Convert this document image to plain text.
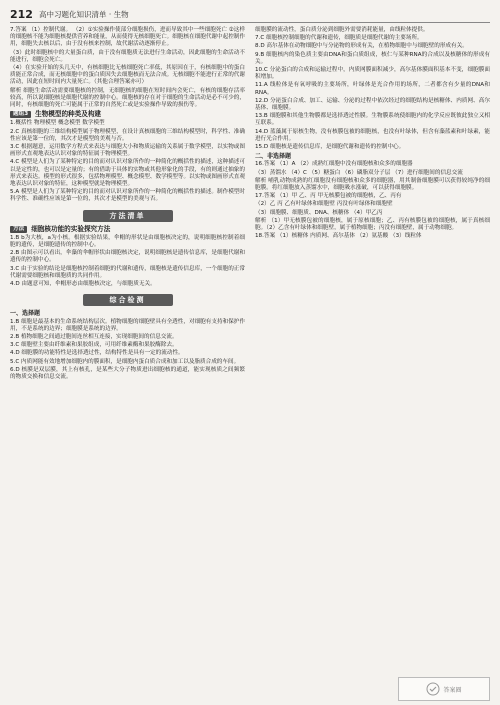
212 高中习题化知识清单 · 生物

7.答案 （1）控制代谢。 （2）①实验操作使部分细胞损伤，进而导致其中一些细胞死亡 ②这样的细胞核不能为细胞核提供营养和能量，从而使得无核细胞死亡。细胞核在细胞代谢中起控制作用，细胞失去核以后，由于没有核来控制，故代谢活动逐渐停止。

（3）此时细胞核中的大量蛋白质，由于没有细胞质无法进行生命活动，因此细胞的生命活动不能进行，细胞会死亡。

（4）在实验开始的头几天中，有核细胞比无核细胞死亡率低，其原因在于，有核细胞中的蛋白质能正常合成，而无核细胞中的蛋白质因失去细胞核而无法合成。无核细胞不能进行正常的代谢活动，因此在短时间内大量死亡。（其他合理答案亦可）

解析 细胞生命活动需要细胞核的控制，无细胞核的细胞在短时间内会死亡，有核的细胞存活率较高，所以说细胞核是细胞代谢的控制中心。细胞核的存在对于细胞的生命活动是必不可少的，同时，有核细胞的死亡可能属于正常的自然死亡或是实验操作导致的损伤等。

题组3	生物模型的种类及构建

1.概括性 物理模型 概念模型 数学模型

2.C 真核细胞的三维结构模型属于物理模型，在设计真核细胞的三维结构模型时，科学性、准确性应该是第一位的，其次才是模型的美观与否。

3.C 根据题意，运用数学方程式来表达与细胞大小和物质运输的关系属于数学模型，以实物或图画形式直观地表达认识对象的特征属于物理模型。

4.C 模型是人们为了某种特定的目的而对认识对象所作的一种简化的概括性的描述，这种描述可以是定性的，也可以是定量的；有的借助于具体的实物或其他形象化的手段，有的则通过抽象的形式来表达。模型的形式很多，包括物理模型、概念模型、数学模型等。以实物或图画形式直观地表达认识对象的特征，这种模型就是物理模型。

5.A 模型是人们为了某种特定的目的而对认识对象所作的一种简化的概括性的描述。制作模型时科学性、准确性应该是第一位的，其次才是模型的美观与否。

方法清单
方法	细胞核功能的实验探究方法

1.B b为大核，a为小核。根据实验结果，伞帽的形状是由细胞核决定的，说明细胞核控制着细胞的遗传，是细胞遗传的控制中心。

2.B 由图示可以看出，伞藻的伞帽形状由细胞核决定，说明细胞核是遗传信息库，是细胞代谢和遗传的控制中心。

3.C 由于实验的结论是细胞核控制着细胞的代谢和遗传，细胞核是遗传信息库，一个细胞的正常代谢需要细胞核和细胞质的共同作用。

4.D 由题意可知，伞帽形态由细胞核决定，与细胞质无关。

综合检测
一、选择题

1.B 细胞是最基本的生命系统结构层次。植物细胞的细胞壁具有全透性，对细胞有支持和保护作用，不是系统的边界；细胞膜是系统的边界。

2.B 植物细胞之间通过胞间连丝相互连接，实现细胞间的信息交流。

3.C 细胞壁主要由纤维素和果胶组成，可用纤维素酶和果胶酶除去。

4.D 细胞膜的功能特性是选择透过性，结构特性是具有一定的流动性。

5.C 内质网能有效地增加细胞内的膜面积，是细胞内蛋白质合成和加工以及脂质合成的车间。

6.D 核膜是双层膜，其上有核孔，是某些大分子物质进出细胞核的通道，能实现核质之间频繁的物质交换和信息交流。

细胞膜的流动性，蛋白质分泌到细胞外需要消耗能量，由线粒体提供。

7.C 细胞核控制细胞的代谢和遗传，细胞质是细胞代谢的主要场所。

8.D 高尔基体在动物细胞中与分泌物的形成有关，在植物细胞中与细胞壁的形成有关。

9.B 细胞核内的染色质主要由DNA和蛋白质组成，核仁与某种RNA的合成以及核糖体的形成有关。

10.C 分泌蛋白的合成和运输过程中，内质网膜面积减少，高尔基体膜面积基本不变，细胞膜面积增加。

11.A 线粒体是有氧呼吸的主要场所，叶绿体是光合作用的场所，二者都含有少量的DNA和RNA。

12.D 分泌蛋白合成、加工、运输、分泌的过程中依次经过的细胞结构是核糖体、内质网、高尔基体、细胞膜。

13.B 细胞膜和其他生物膜都是选择透过性膜。生物膜系统使细胞内的化学反应既彼此独立又相互联系。

14.D 蓝藻属于原核生物，没有核膜包被的细胞核，也没有叶绿体，但含有藻蓝素和叶绿素，能进行光合作用。

15.D 细胞核是遗传信息库，是细胞代谢和遗传的控制中心。

二、非选择题

16.答案 （1）A （2）成熟红细胞中没有细胞核和众多的细胞器

（3）蒸馏水 （4）C （5）糖蛋白 （6）磷脂双分子层 （7）进行细胞间的信息交流

解析 哺乳动物成熟的红细胞没有细胞核和众多的细胞器，用其制备细胞膜可以获得较纯净的细胞膜。将红细胞放入蒸馏水中，细胞吸水涨破，可以获得细胞膜。

17.答案 （1）甲 乙、丙 甲无核膜包被的细胞核，乙、丙有

（2）乙 丙 乙有叶绿体和细胞壁 丙没有叶绿体和细胞壁

（3）细胞膜、细胞质、DNA、核糖体 （4）甲乙丙

解析 （1）甲无核膜包被的细胞核，属于原核细胞；乙、丙有核膜包被的细胞核，属于真核细胞。（2）乙含有叶绿体和细胞壁，属于植物细胞；丙没有细胞壁，属于动物细胞。

18.答案 （1）核糖体 内质网、高尔基体 （2）氨基酸 （3）线粒体

答案圈
